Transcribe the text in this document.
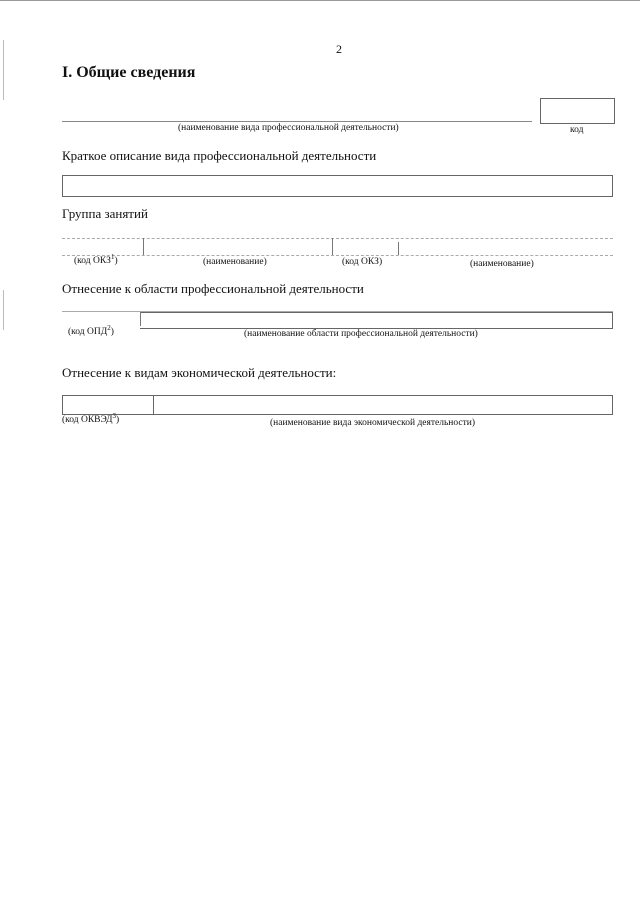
2
I. Общие сведения
(наименование вида профессиональной деятельности)	код
Краткое описание вида профессиональной деятельности
Группа занятий
(код ОКЗ$^1$)	(наименование)	(код ОКЗ)	(наименование)
Отнесение к области профессиональной деятельности
(код ОПД$^2$)	(наименование области профессиональной деятельности)
Отнесение к видам экономической деятельности:
(код ОКВЭД$^3$)	(наименование вида экономической деятельности)
